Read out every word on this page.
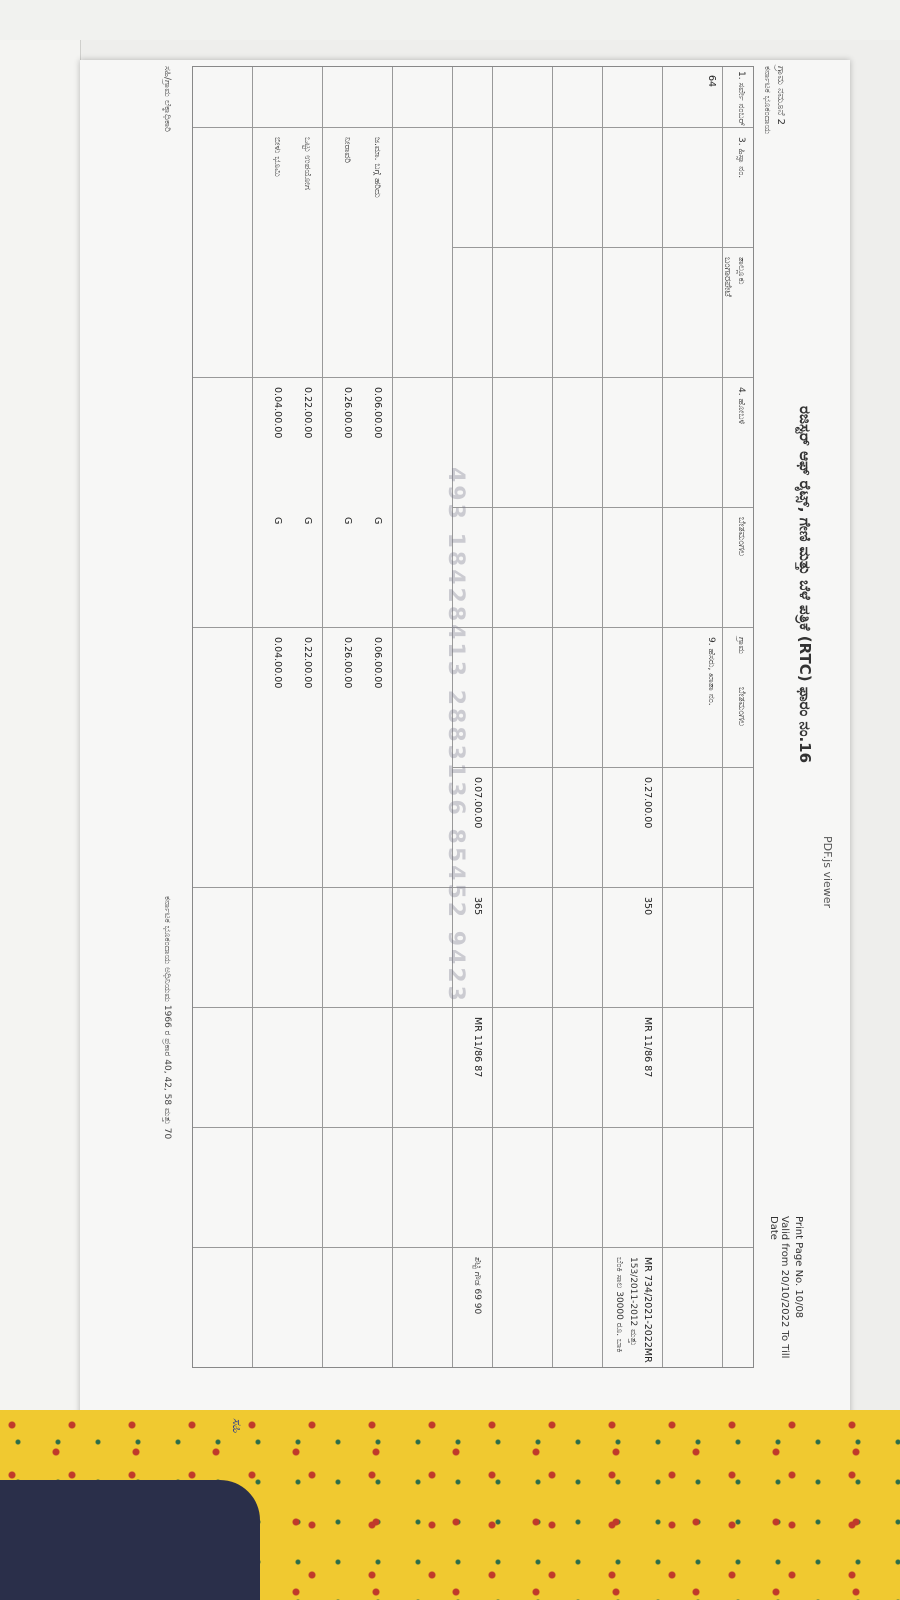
PDF.js viewer
ರಜಿಸ್ಟರ್ ಆಫ್ ರೈಟ್ಸ್, ಗೇಣಿ ಮತ್ತು ಬೆಳೆ ಪತ್ರಿಕೆ (RTC) ಫಾರಂ ನಂ.16
ಗ್ರಾಮ ನಮೂನೆ 2
ಕರ್ನಾಟಕ ಭೂಕಂದಾಯ
Print Page No. 10/08
Valid from 20/10/2022 To Till Date
1. ಸರ್ವೇ ನಂಬರ್
64
3. ಹಿಸ್ಸಾ ನಂ.
ತಾಲ್ಲೂಕು
ಬಂಗಾರಪೇಟೆ
4. ಹೋಬಳಿ
ಬೇತಮಂಗಲ
ಗ್ರಾಮ
ಬೇತಮಂಗಲ
9. ಹೆಸರು, ಖಾತಾ ನಂ.
0.27.00.00
350
MR 11/86 87
0.07.00.00
365
MR 11/86 87
MR 734/2021-2022MR
153/2011-2012 ಮತ್ತು
ಬೆಂಕಿ ಸಾಲ 30000 ರೂ. ಬಾಕಿ
ಶೆಟ್ಟಿ ಗೌಡ 69 90
ಜ.ಮಾ. ಬಗ್ಗೆ ಹರಿದು
0.06.00.00
G
0.06.00.00
ನೀರಾವರಿ
0.26.00.00
G
0.26.00.00
ಒಟ್ಟು ಉಪಯೋಗ
0.22.00.00
G
0.22.00.00
ಬೀಳು ಭೂಮಿ
0.04.00.00
G
0.04.00.00	493 18428413 2883136 85452 9423
ಸಹಿ/ಗ್ರಾಮ ಲೆಕ್ಕಾಧಿಕಾರಿ
ಕರ್ನಾಟಕ ಭೂಕಂದಾಯ ಅಧಿನಿಯಮ 1966 ರ ಪ್ರಕಾರ 40, 42, 58 ಮತ್ತು 70
ಸಹಿ
